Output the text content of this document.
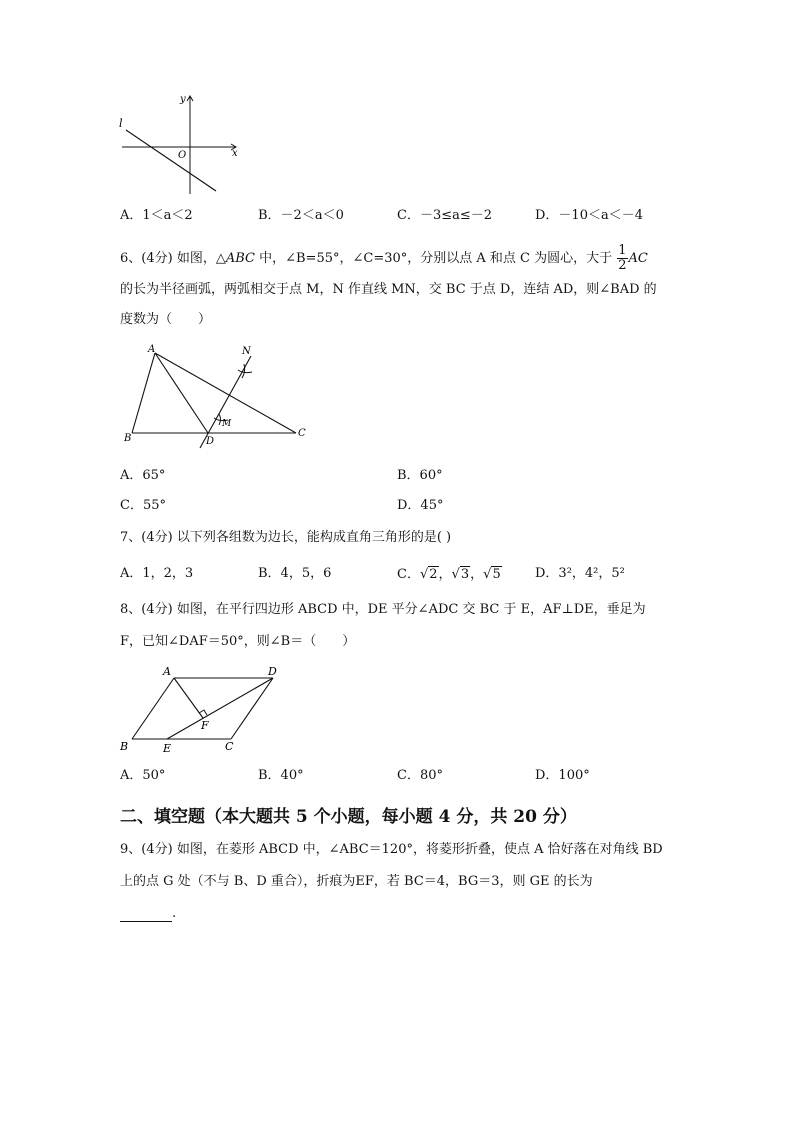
y
x
l
O
A．1＜a＜2	B．－2＜a＜0	C．－3≤a≤－2	D．－10＜a＜－4
6、(4分) 如图，△ABC 中，∠B=55°，∠C=30°，分别以点 A 和点 C 为圆心，大于 $\frac{1}{2}$ AC
的长为半径画弧，两弧相交于点 M，N 作直线 MN，交 BC 于点 D，连结 AD，则∠BAD 的
度数为（　　）
A
B	C
D
M
N
A．65°	B．60°
C．55°	D．45°
7、(4分) 以下列各组数为边长，能构成直角三角形的是( )
A．1，2，3	B．4，5，6	C．√2，√3，√5	D．3²，4²，5²
8、(4分) 如图，在平行四边形 ABCD 中，DE 平分∠ADC 交 BC 于 E，AF⊥DE，垂足为
F，已知∠DAF＝50°，则∠B＝（　　）
A	D
B	E	C
F
A．50°	B．40°	C．80°	D．100°
二、填空题（本大题共 5 个小题，每小题 4 分，共 20 分）
9、(4分) 如图，在菱形 ABCD 中，∠ABC＝120°，将菱形折叠，使点 A 恰好落在对角线 BD
上的点 G 处（不与 B、D 重合），折痕为EF，若 BC＝4，BG＝3，则 GE 的长为
.
